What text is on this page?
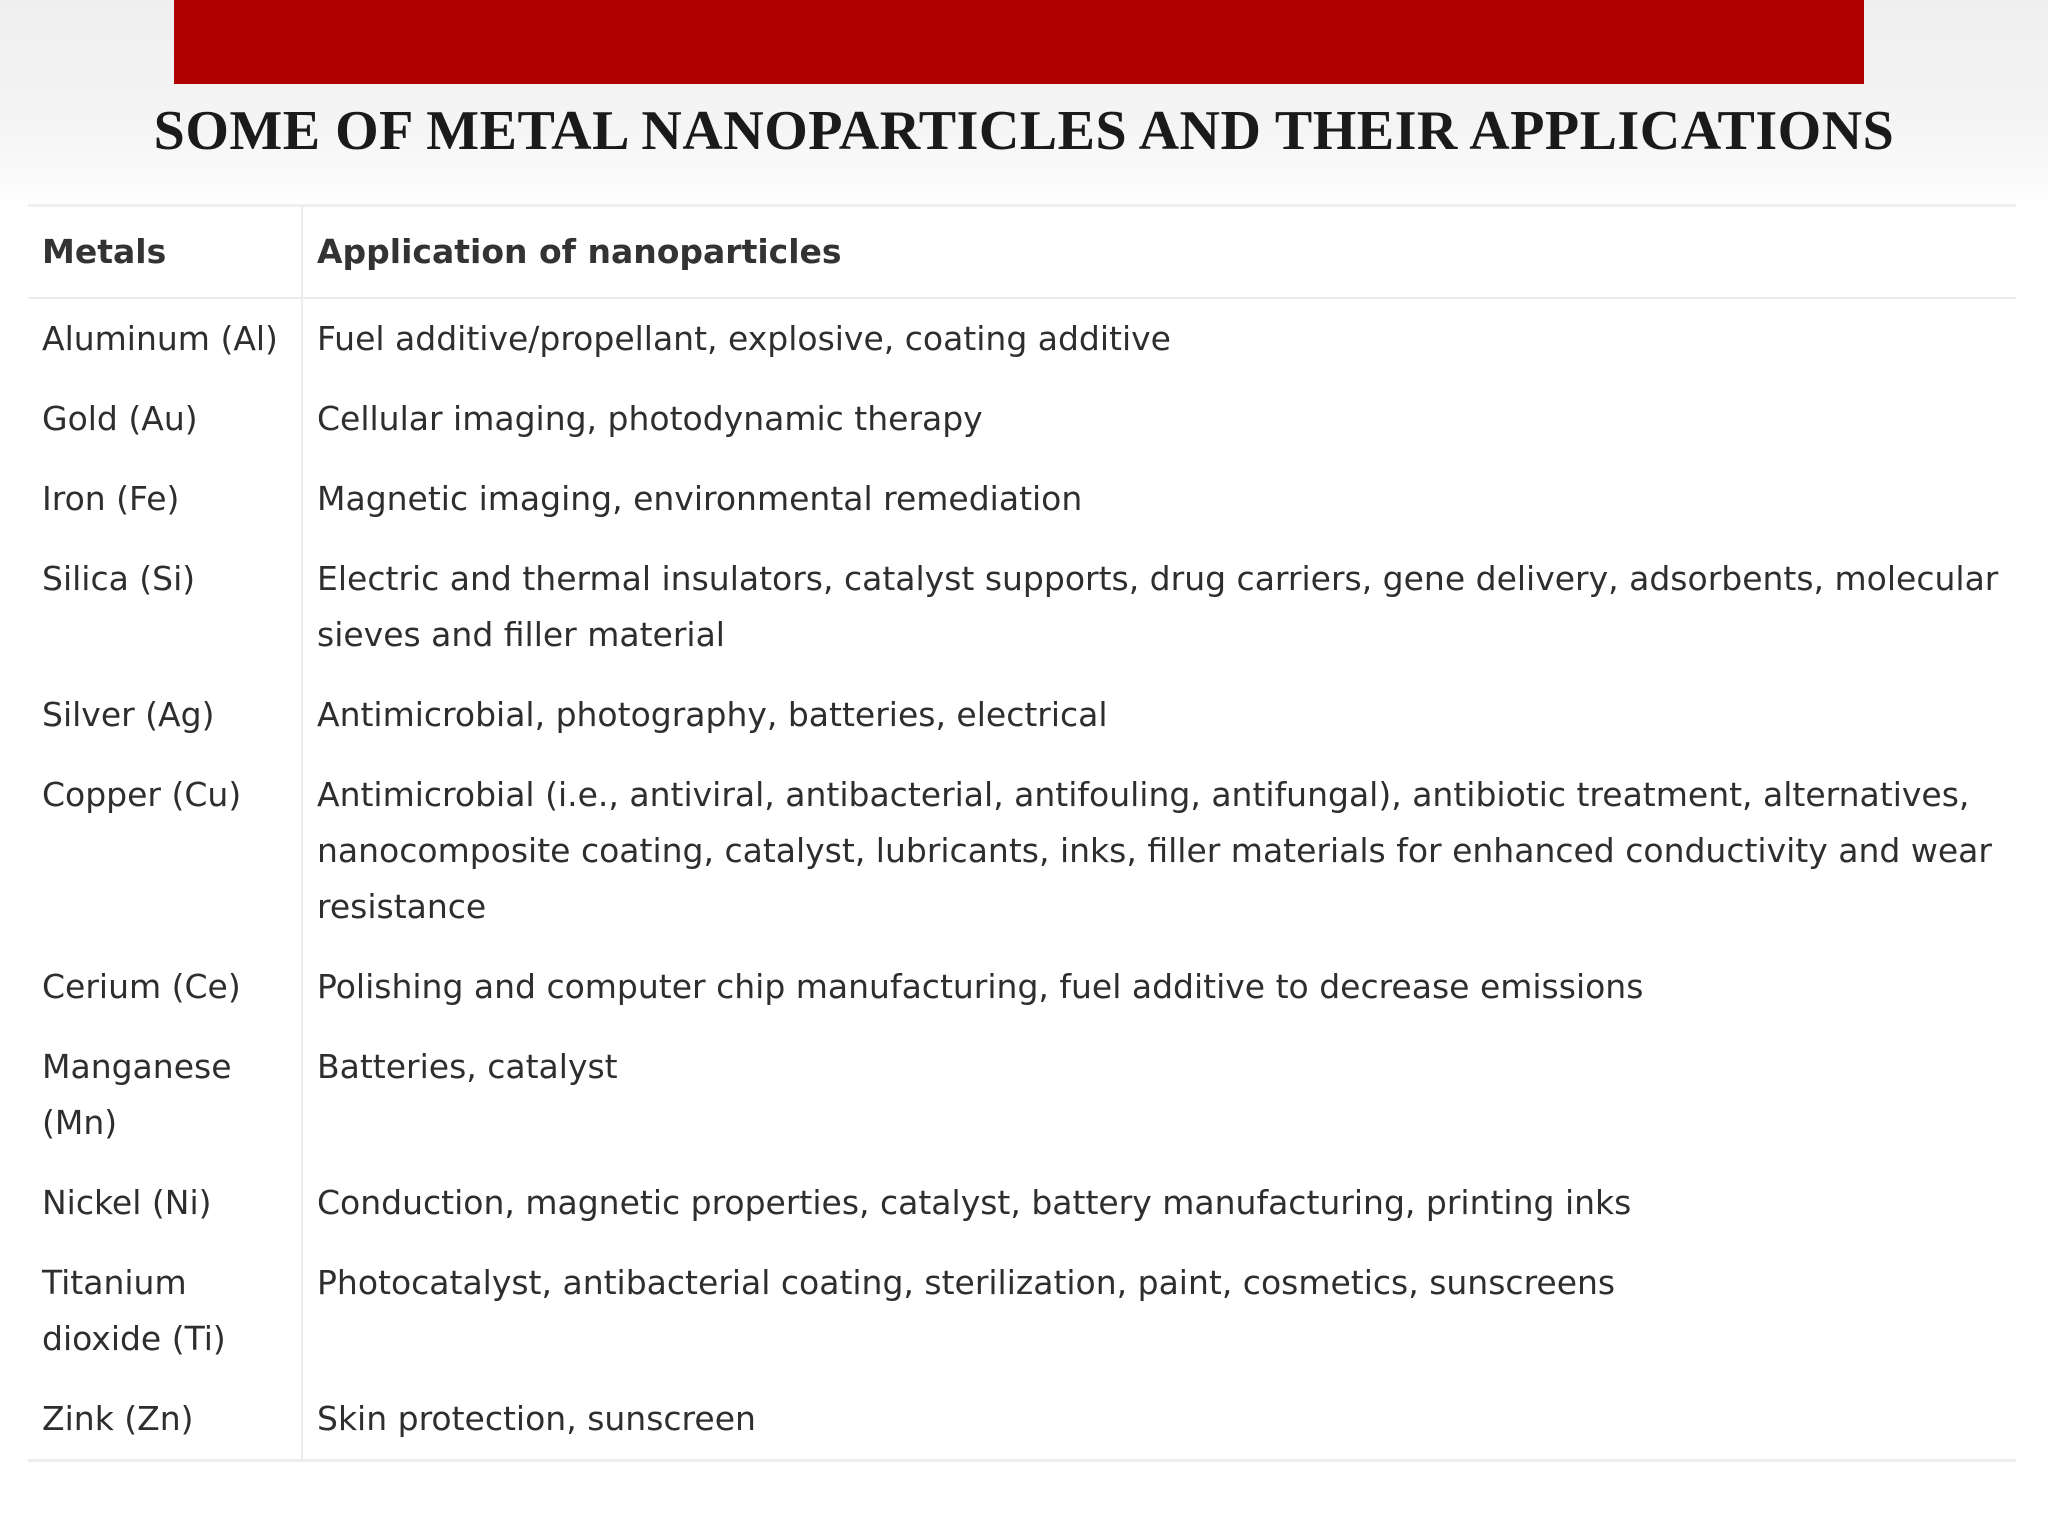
SOME OF METAL NANOPARTICLES AND THEIR APPLICATIONS
Metals	Application of nanoparticles
Aluminum (Al)	Fuel additive/propellant, explosive, coating additive
Gold (Au)	Cellular imaging, photodynamic therapy
Iron (Fe)	Magnetic imaging, environmental remediation
Silica (Si)	Electric and thermal insulators, catalyst supports, drug carriers, gene delivery, adsorbents, molecular sieves and filler material
Silver (Ag)	Antimicrobial, photography, batteries, electrical
Copper (Cu)	Antimicrobial (i.e., antiviral, antibacterial, antifouling, antifungal), antibiotic treatment, alternatives, nanocomposite coating, catalyst, lubricants, inks, filler materials for enhanced conductivity and wear resistance
Cerium (Ce)	Polishing and computer chip manufacturing, fuel additive to decrease emissions
Manganese (Mn)	Batteries, catalyst
Nickel (Ni)	Conduction, magnetic properties, catalyst, battery manufacturing, printing inks
Titanium dioxide (Ti)	Photocatalyst, antibacterial coating, sterilization, paint, cosmetics, sunscreens
Zink (Zn)	Skin protection, sunscreen
